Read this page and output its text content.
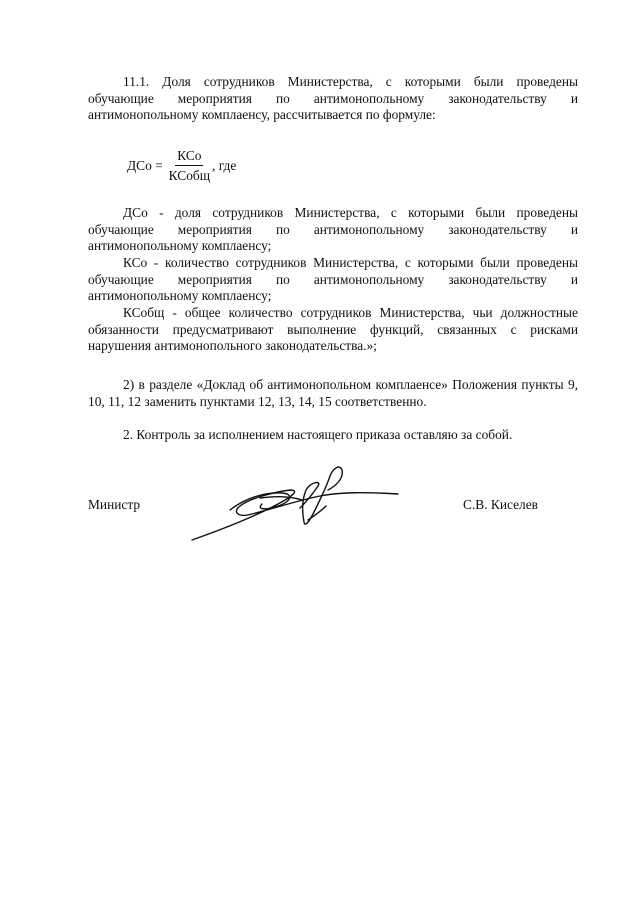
11.1. Доля сотрудников Министерства, с которыми были проведены обучающие мероприятия по антимонопольному законодательству и антимонопольному комплаенсу, рассчитывается по формуле:

ДСо = $\frac{\text{КСо}}{\text{КСобщ}}$ , где

ДСо - доля сотрудников Министерства, с которыми были проведены обучающие мероприятия по антимонопольному законодательству и антимонопольному комплаенсу;

КСо - количество сотрудников Министерства, с которыми были проведены обучающие мероприятия по антимонопольному законодательству и антимонопольному комплаенсу;

КСобщ - общее количество сотрудников Министерства, чьи должностные обязанности предусматривают выполнение функций, связанных с рисками нарушения антимонопольного законодательства.»;

2) в разделе «Доклад об антимонопольном комплаенсе» Положения пункты 9, 10, 11, 12 заменить пунктами 12, 13, 14, 15 соответственно.

2. Контроль за исполнением настоящего приказа оставляю за собой.

Министр	С.В. Киселев
